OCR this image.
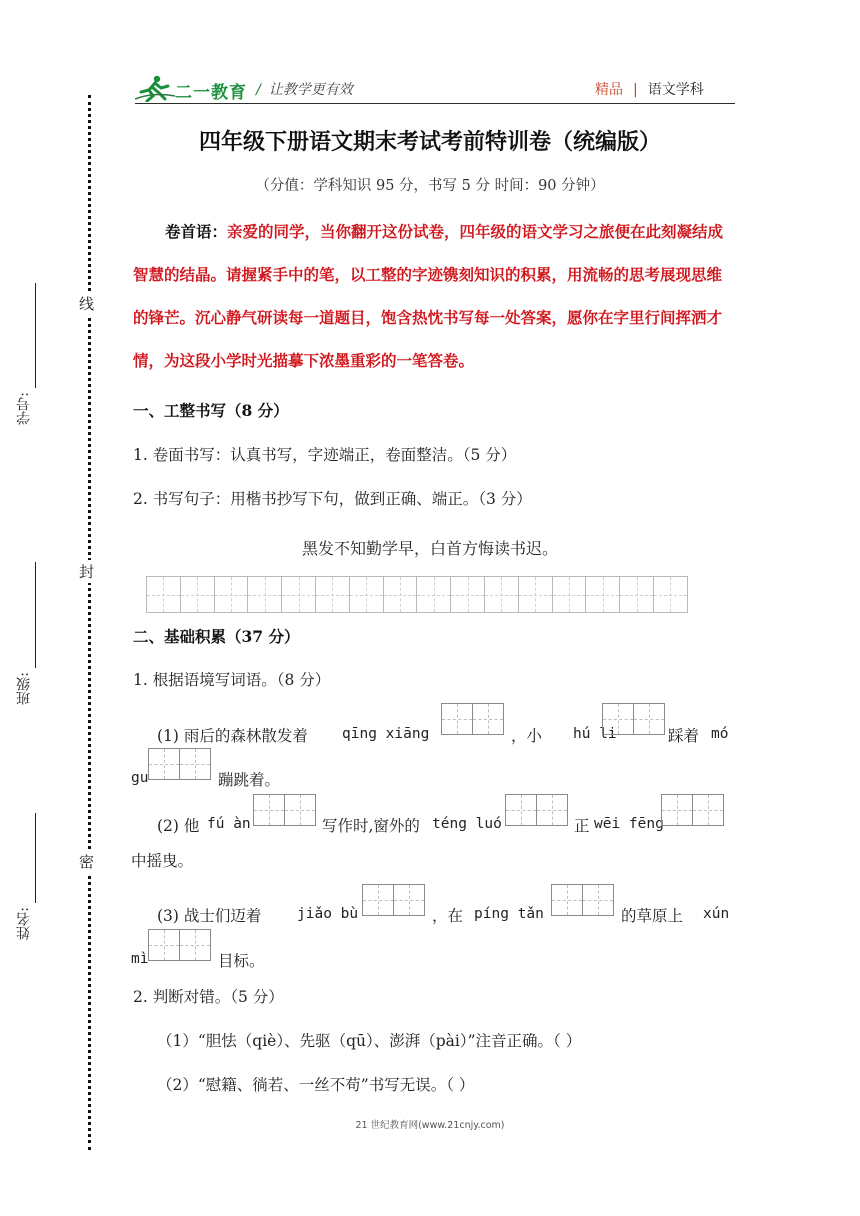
线
封
密
学号:
班级:
姓名:
二一教育 / 让教学更有效	精品 | 语文学科
四年级下册语文期末考试考前特训卷（统编版）
（分值：学科知识 95 分，书写 5 分 时间：90 分钟）
卷首语：亲爱的同学，当你翻开这份试卷，四年级的语文学习之旅便在此刻凝结成智慧的结晶。请握紧手中的笔，以工整的字迹镌刻知识的积累，用流畅的思考展现思维的锋芒。沉心静气研读每一道题目，饱含热忱书写每一处答案，愿你在字里行间挥洒才情，为这段小学时光描摹下浓墨重彩的一笔答卷。
一、工整书写（8 分）
1. 卷面书写：认真书写，字迹端正，卷面整洁。（5 分）
2. 书写句子：用楷书抄写下句，做到正确、端正。（3 分）
黑发不知勤学早，白首方悔读书迟。
二、基础积累（37 分）
1. 根据语境写词语。（8 分）
(1) 雨后的森林散发着 qīng xiāng	，小 hú li	踩着 mó
gu	蹦跳着。
(2) 他 fú àn	写作时,窗外的 téng luó	正 wēi fēng
中摇曳。
(3) 战士们迈着 jiǎo bù	，在 píng tǎn	的草原上 xún
mì	目标。
2. 判断对错。（5 分）
（1）“胆怯（qiè）、先驱（qū）、澎湃（pài）”注音正确。（ ）
（2）“慰籍、徜若、一丝不苟”书写无误。（ ）
21 世纪教育网(www.21cnjy.com)
